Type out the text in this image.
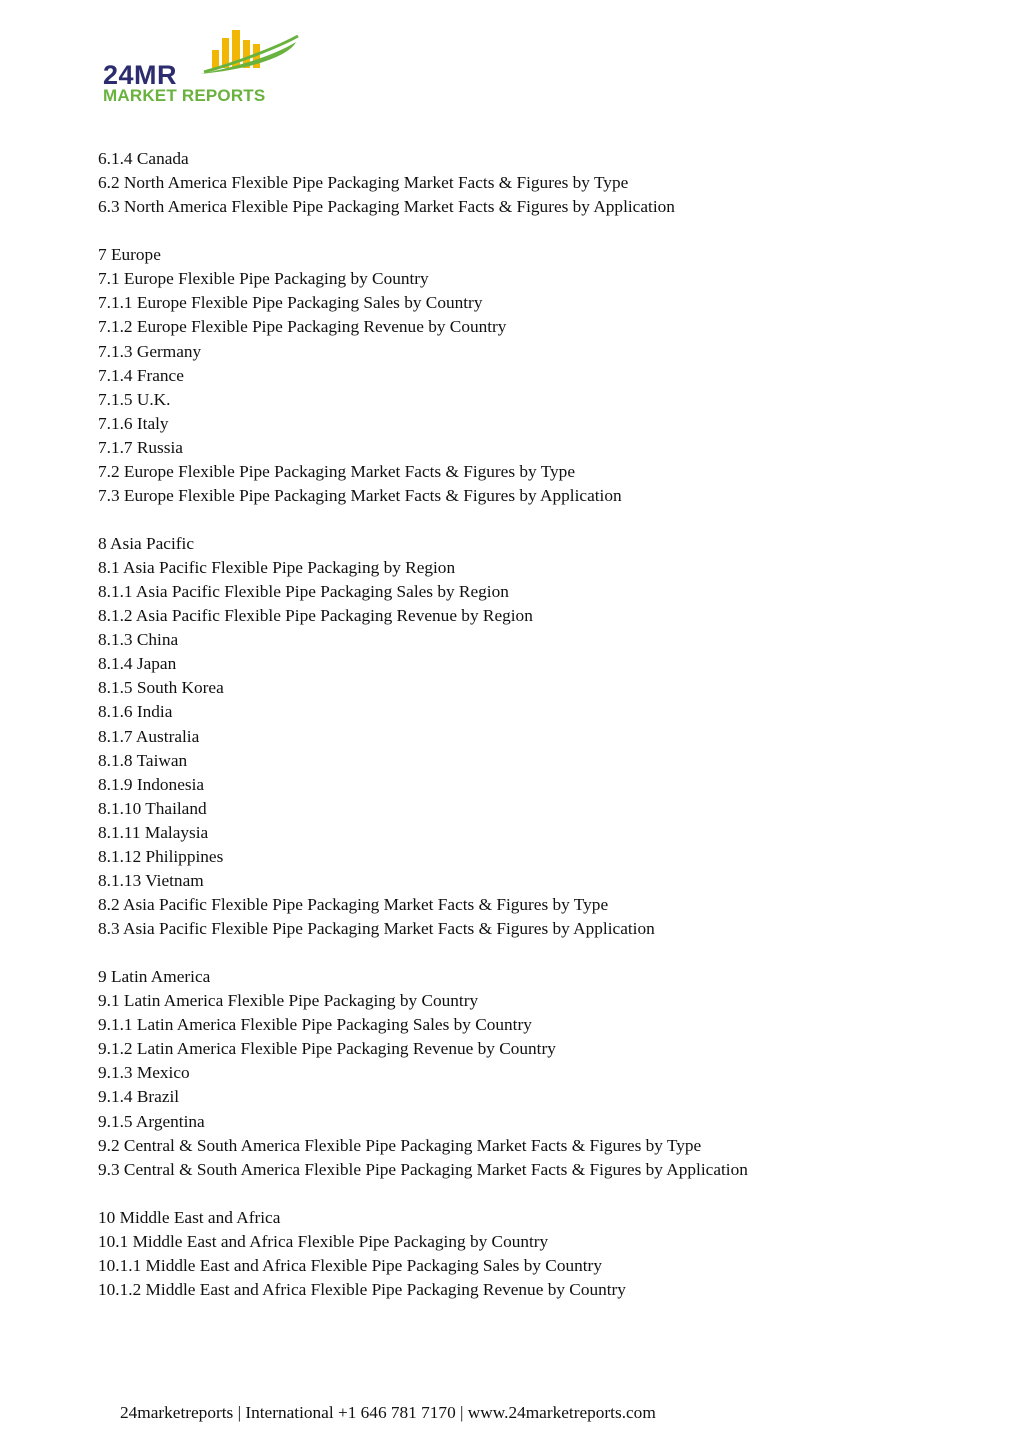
24MR
MARKET REPORTS
6.1.4 Canada
6.2 North America Flexible Pipe Packaging Market Facts & Figures by Type
6.3 North America Flexible Pipe Packaging Market Facts & Figures by Application
7 Europe
7.1 Europe Flexible Pipe Packaging by Country
7.1.1 Europe Flexible Pipe Packaging Sales by Country
7.1.2 Europe Flexible Pipe Packaging Revenue by Country
7.1.3 Germany
7.1.4 France
7.1.5 U.K.
7.1.6 Italy
7.1.7 Russia
7.2 Europe Flexible Pipe Packaging Market Facts & Figures by Type
7.3 Europe Flexible Pipe Packaging Market Facts & Figures by Application
8 Asia Pacific
8.1 Asia Pacific Flexible Pipe Packaging by Region
8.1.1 Asia Pacific Flexible Pipe Packaging Sales by Region
8.1.2 Asia Pacific Flexible Pipe Packaging Revenue by Region
8.1.3 China
8.1.4 Japan
8.1.5 South Korea
8.1.6 India
8.1.7 Australia
8.1.8 Taiwan
8.1.9 Indonesia
8.1.10 Thailand
8.1.11 Malaysia
8.1.12 Philippines
8.1.13 Vietnam
8.2 Asia Pacific Flexible Pipe Packaging Market Facts & Figures by Type
8.3 Asia Pacific Flexible Pipe Packaging Market Facts & Figures by Application
9 Latin America
9.1 Latin America Flexible Pipe Packaging by Country
9.1.1 Latin America Flexible Pipe Packaging Sales by Country
9.1.2 Latin America Flexible Pipe Packaging Revenue by Country
9.1.3 Mexico
9.1.4 Brazil
9.1.5 Argentina
9.2 Central & South America Flexible Pipe Packaging Market Facts & Figures by Type
9.3 Central & South America Flexible Pipe Packaging Market Facts & Figures by Application
10 Middle East and Africa
10.1 Middle East and Africa Flexible Pipe Packaging by Country
10.1.1 Middle East and Africa Flexible Pipe Packaging Sales by Country
10.1.2 Middle East and Africa Flexible Pipe Packaging Revenue by Country
24marketreports | International +1 646 781 7170 | www.24marketreports.com
